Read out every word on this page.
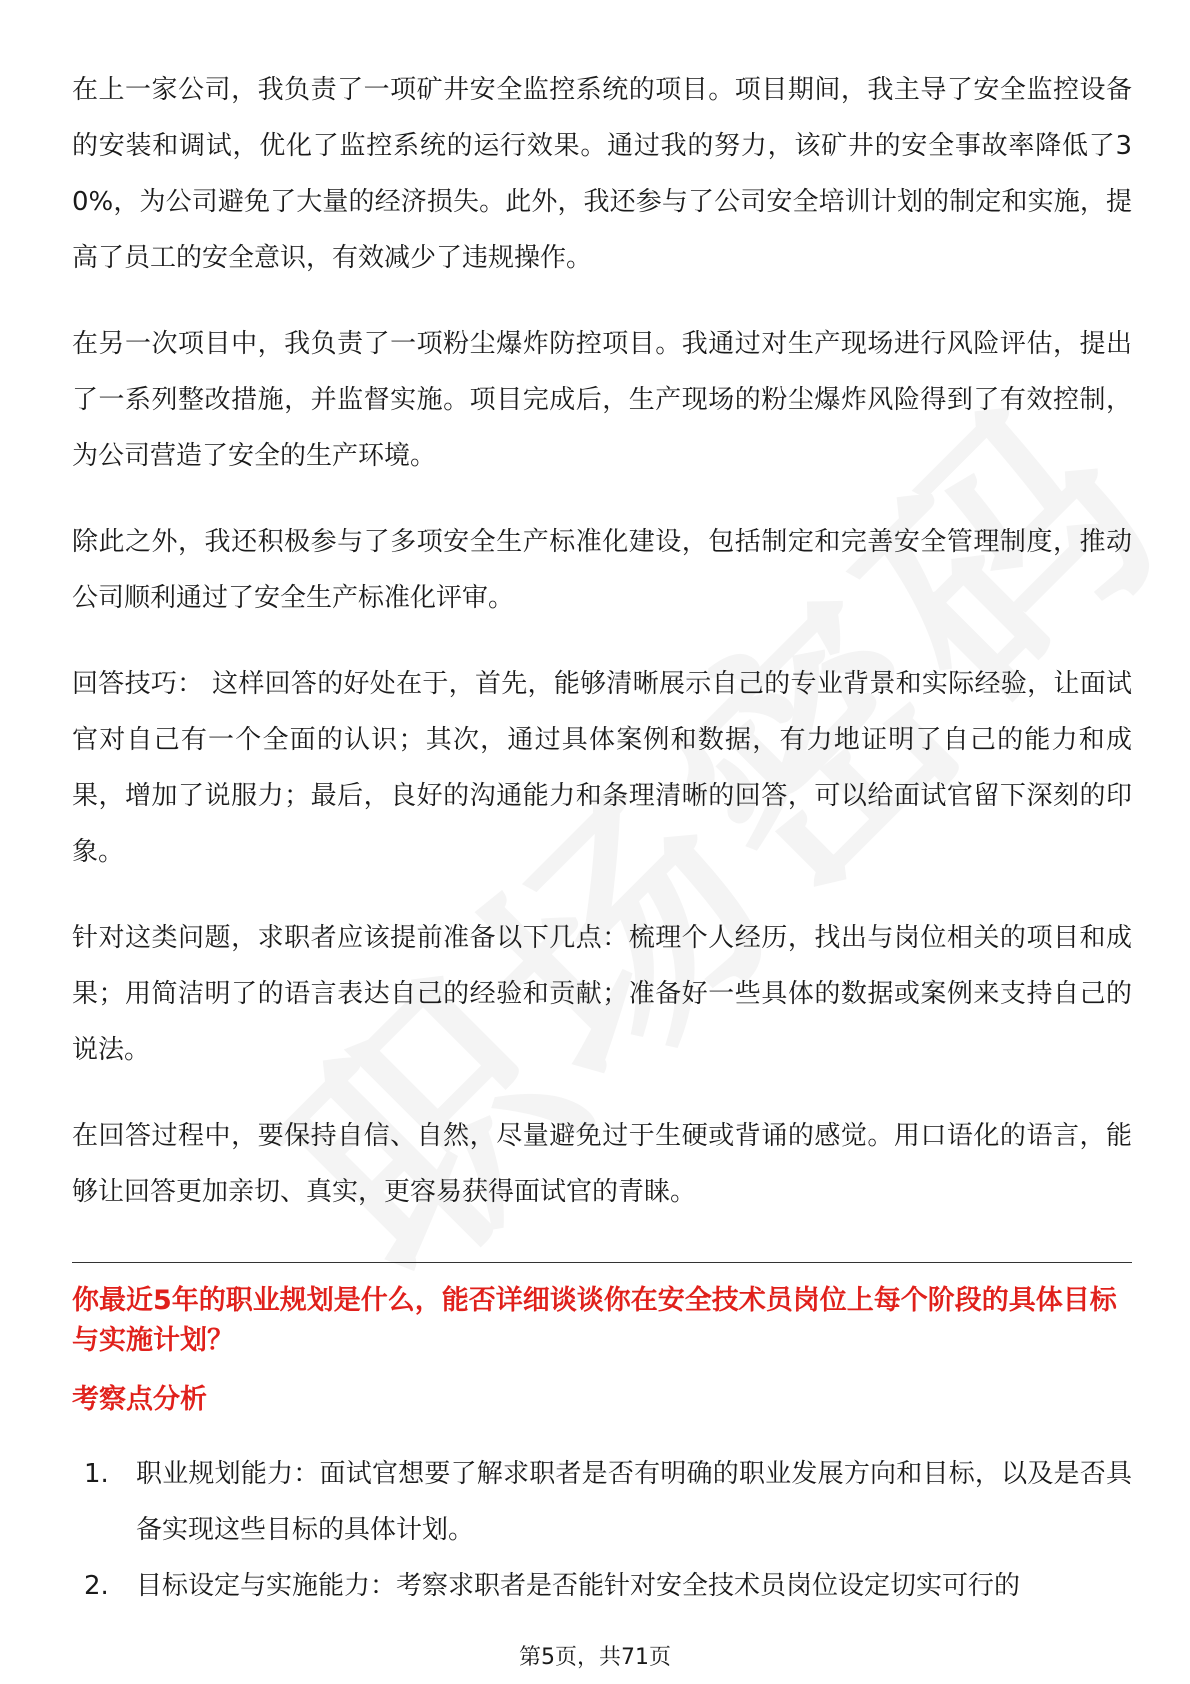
在上一家公司，我负责了一项矿井安全监控系统的项目。项目期间，我主导了安全监控设备的安装和调试，优化了监控系统的运行效果。通过我的努力，该矿井的安全事故率降低了30%，为公司避免了大量的经济损失。此外，我还参与了公司安全培训计划的制定和实施，提高了员工的安全意识，有效减少了违规操作。

在另一次项目中，我负责了一项粉尘爆炸防控项目。我通过对生产现场进行风险评估，提出了一系列整改措施，并监督实施。项目完成后，生产现场的粉尘爆炸风险得到了有效控制，为公司营造了安全的生产环境。

除此之外，我还积极参与了多项安全生产标准化建设，包括制定和完善安全管理制度，推动公司顺利通过了安全生产标准化评审。

回答技巧： 这样回答的好处在于，首先，能够清晰展示自己的专业背景和实际经验，让面试官对自己有一个全面的认识；其次，通过具体案例和数据，有力地证明了自己的能力和成果，增加了说服力；最后，良好的沟通能力和条理清晰的回答，可以给面试官留下深刻的印象。

针对这类问题，求职者应该提前准备以下几点：梳理个人经历，找出与岗位相关的项目和成果；用简洁明了的语言表达自己的经验和贡献；准备好一些具体的数据或案例来支持自己的说法。

在回答过程中，要保持自信、自然，尽量避免过于生硬或背诵的感觉。用口语化的语言，能够让回答更加亲切、真实，更容易获得面试官的青睐。

你最近5年的职业规划是什么，能否详细谈谈你在安全技术员岗位上每个阶段的具体目标与实施计划？
考察点分析
1.	职业规划能力：面试官想要了解求职者是否有明确的职业发展方向和目标，以及是否具备实现这些目标的具体计划。
2.	目标设定与实施能力：考察求职者是否能针对安全技术员岗位设定切实可行的
第5页，共71页
